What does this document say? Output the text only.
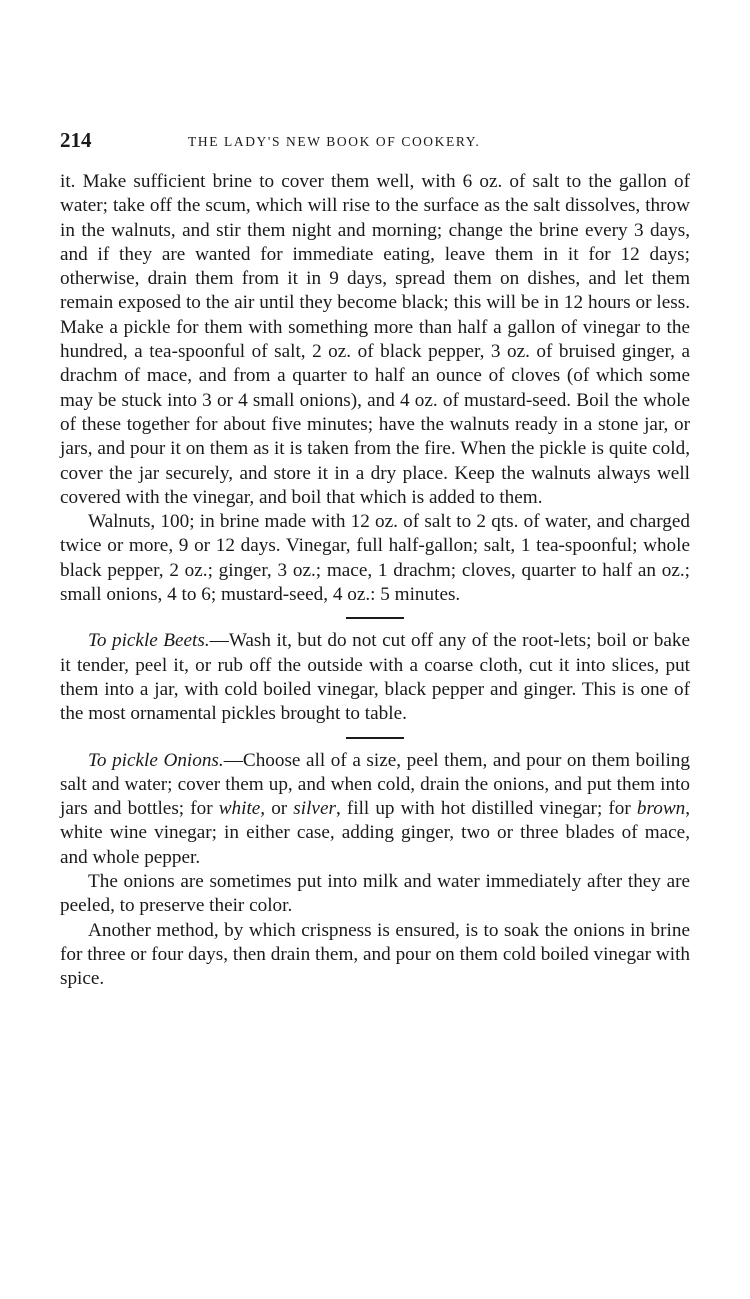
214	THE LADY'S NEW BOOK OF COOKERY.

it. Make sufficient brine to cover them well, with 6 oz. of salt to the gallon of water; take off the scum, which will rise to the surface as the salt dissolves, throw in the walnuts, and stir them night and morning; change the brine every 3 days, and if they are wanted for immediate eating, leave them in it for 12 days; otherwise, drain them from it in 9 days, spread them on dishes, and let them remain exposed to the air until they become black; this will be in 12 hours or less. Make a pickle for them with something more than half a gallon of vinegar to the hundred, a tea-spoonful of salt, 2 oz. of black pepper, 3 oz. of bruised ginger, a drachm of mace, and from a quarter to half an ounce of cloves (of which some may be stuck into 3 or 4 small onions), and 4 oz. of mustard-seed. Boil the whole of these together for about five minutes; have the walnuts ready in a stone jar, or jars, and pour it on them as it is taken from the fire. When the pickle is quite cold, cover the jar securely, and store it in a dry place. Keep the walnuts always well covered with the vinegar, and boil that which is added to them.

Walnuts, 100; in brine made with 12 oz. of salt to 2 qts. of water, and charged twice or more, 9 or 12 days. Vinegar, full half-gallon; salt, 1 tea-spoonful; whole black pepper, 2 oz.; ginger, 3 oz.; mace, 1 drachm; cloves, quarter to half an oz.; small onions, 4 to 6; mustard-seed, 4 oz.: 5 minutes.

To pickle Beets.—Wash it, but do not cut off any of the root-lets; boil or bake it tender, peel it, or rub off the outside with a coarse cloth, cut it into slices, put them into a jar, with cold boiled vinegar, black pepper and ginger. This is one of the most ornamental pickles brought to table.

To pickle Onions.—Choose all of a size, peel them, and pour on them boiling salt and water; cover them up, and when cold, drain the onions, and put them into jars and bottles; for white, or silver, fill up with hot distilled vinegar; for brown, white wine vinegar; in either case, adding ginger, two or three blades of mace, and whole pepper.

The onions are sometimes put into milk and water immediately after they are peeled, to preserve their color.

Another method, by which crispness is ensured, is to soak the onions in brine for three or four days, then drain them, and pour on them cold boiled vinegar with spice.
